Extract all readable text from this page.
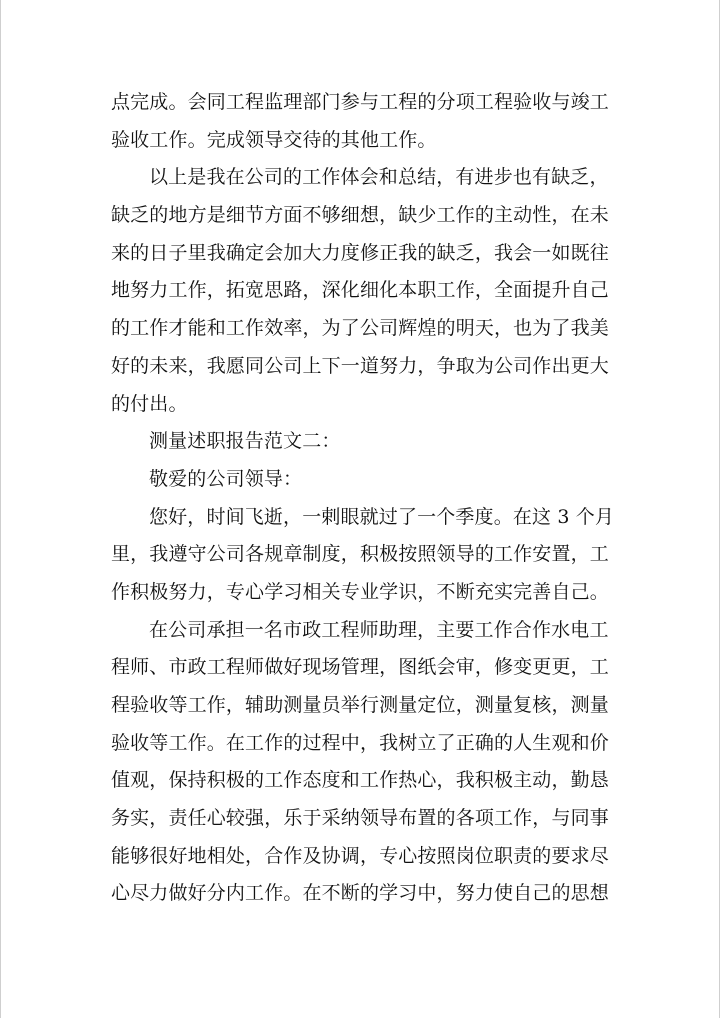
点完成。会同工程监理部门参与工程的分项工程验收与竣工
验收工作。完成领导交待的其他工作。
以上是我在公司的工作体会和总结，有进步也有缺乏，
缺乏的地方是细节方面不够细想，缺少工作的主动性，在未
来的日子里我确定会加大力度修正我的缺乏，我会一如既往
地努力工作，拓宽思路，深化细化本职工作，全面提升自己
的工作才能和工作效率，为了公司辉煌的明天，也为了我美
好的未来，我愿同公司上下一道努力，争取为公司作出更大
的付出。
测量述职报告范文二：
敬爱的公司领导：
您好，时间飞逝，一剌眼就过了一个季度。在这 3 个月
里，我遵守公司各规章制度，积极按照领导的工作安置，工
作积极努力，专心学习相关专业学识，不断充实完善自己。
在公司承担一名市政工程师助理，主要工作合作水电工
程师、市政工程师做好现场管理，图纸会审，修变更更，工
程验收等工作，辅助测量员举行测量定位，测量复核，测量
验收等工作。在工作的过程中，我树立了正确的人生观和价
值观，保持积极的工作态度和工作热心，我积极主动，勤恳
务实，责任心较强，乐于采纳领导布置的各项工作，与同事
能够很好地相处，合作及协调，专心按照岗位职责的要求尽
心尽力做好分内工作。在不断的学习中，努力使自己的思想
